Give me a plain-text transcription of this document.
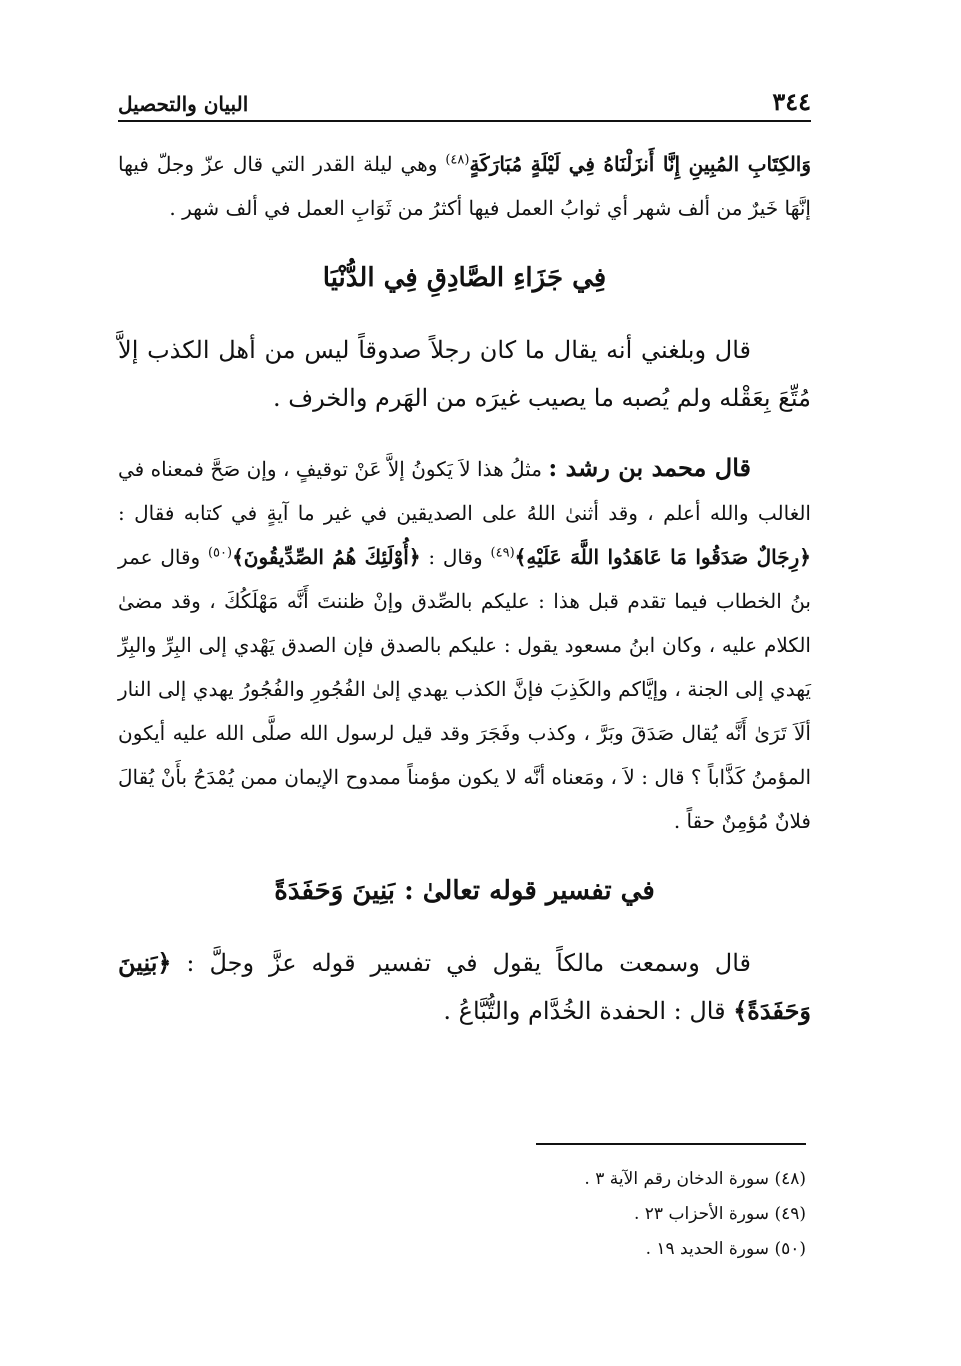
٣٤٤
البيان والتحصيل

وَالكِتَابِ المُبِينِ إِنَّا أَنزَلْنَاهُ فِي لَيْلَةٍ مُبَارَكَةٍ$^{(٤٨)}$ وهي ليلة القدر التي قال عزّ وجلّ فيها إنَّهَا خَيرٌ من ألف شهر أي ثوابُ العمل فيها أكثرُ من ثَوَابِ العمل في ألف شهر .

فِي جَزَاءِ الصَّادِقِ فِي الدُّنْيَا

قال وبلغني أنه يقال ما كان رجلاً صدوقاً ليس من أهل الكذب إلاَّ مُتِّعَ بِعَقْله ولم يُصبه ما يصيب غيرَه من الهَرم والخرف .

قال محمد بن رشد : مثلُ هذا لاَ يَكونُ إلاَّ عَنْ توقيفٍ ، وإن صَحَّ فمعناه في الغالب والله أعلم ، وقد أثنىٰ اللهُ على الصديقين في غير ما آيةٍ في كتابه فقال : ﴿رِجَالٌ صَدَقُوا مَا عَاهَدُوا اللَّهَ عَلَيْهِ﴾$^{(٤٩)}$ وقال : ﴿أُوْلَئِكَ هُمُ الصِّدِّيقُونَ﴾$^{(٥٠)}$ وقال عمر بنُ الخطاب فيما تقدم قبل هذا : عليكم بالصِّدق وإنْ ظننتَ أَنَّه مَهْلَكُكَ ، وقد مضىٰ الكلام عليه ، وكان ابنُ مسعود يقول : عليكم بالصدق فإن الصدق يَهْدي إلى البِرِّ والبِرِّ يَهدي إلى الجنة ، وإيَّاكم والكَذِبَ فإنَّ الكذب يهدي إلىٰ الفُجُورِ والفُجُورُ يهدي إلى النار ألَاَ تَرَىٰ أَنَّه يُقال صَدَقَ وبَرَّ ، وكذب وفَجَرَ وقد قيل لرسول الله صلَّى الله عليه أيكون المؤمنُ كَذَّاباً ؟ قال : لاَ ، ومَعناه أنَّه لا يكون مؤمناً ممدوح الإيمان ممن يُمْدَحُ بأَنْ يُقالَ فلانٌ مُؤمِنٌ حقاً .

في تفسير قوله تعالىٰ : بَنِينَ وَحَفَدَةً

قال وسمعت مالكاً يقول في تفسير قوله عزَّ وجلَّ : ﴿بَنِينَ وَحَفَدَةً﴾ قال : الحفدة الخُدَّام والتُّبَّاعُ .

(٤٨) سورة الدخان رقم الآية ٣ .

(٤٩) سورة الأحزاب ٢٣ .

(٥٠) سورة الحديد ١٩ .
